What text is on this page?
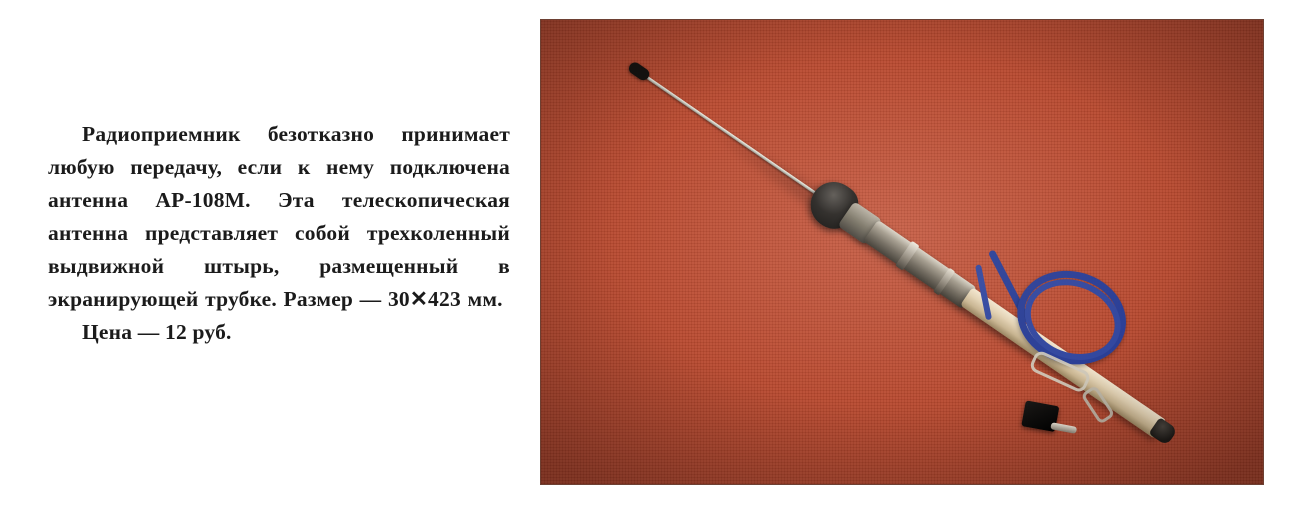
Радиоприемник безотказно принимает любую передачу, если к нему подключена антенна АР-108М. Эта телескопическая антенна представляет собой трехколенный выдвижной штырь, размещенный в экранирующей трубке. Размер — 30✕423 мм.

Цена — 12 руб.
